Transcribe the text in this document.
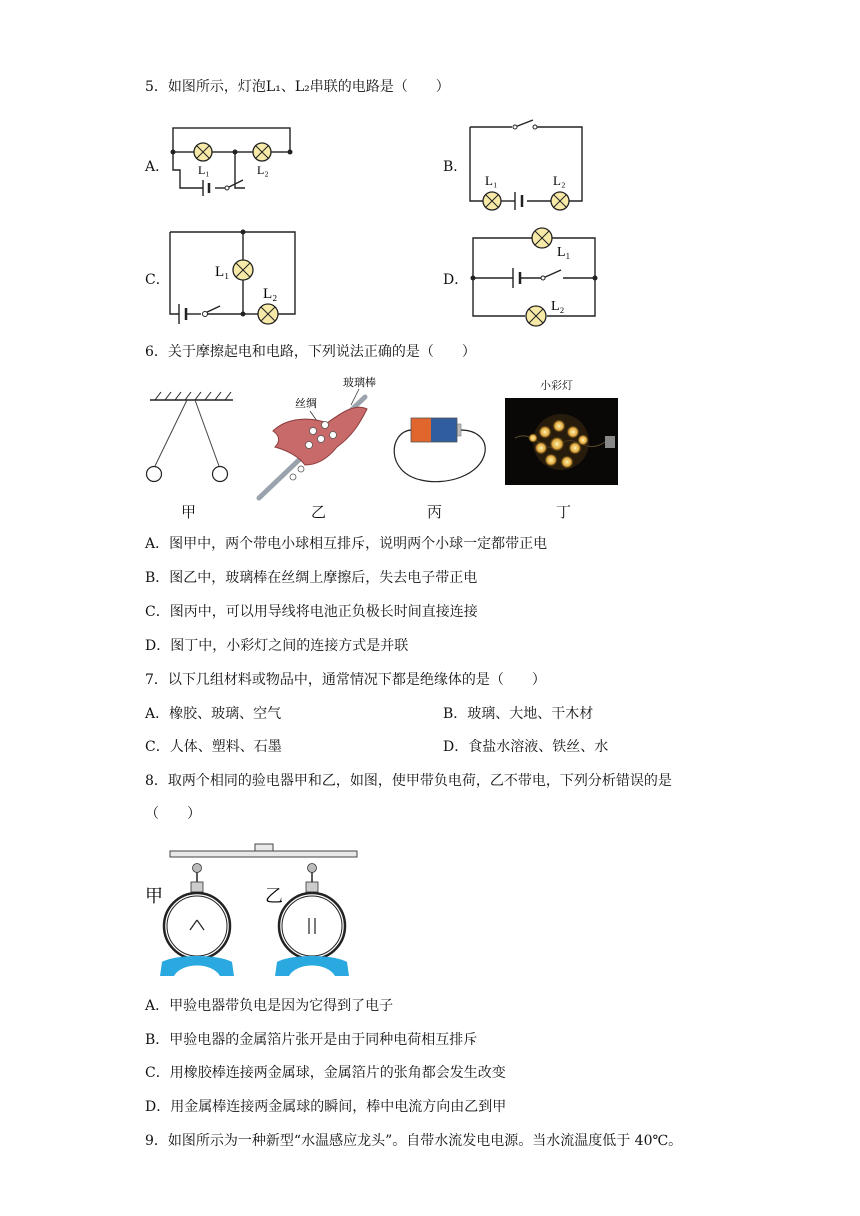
5．如图所示，灯泡L₁、L₂串联的电路是（　　）
A． L₁	L₂	B．
L₁	L₂
C．	L₁
L₂
D．
L₁
L₂
6．关于摩擦起电和电路，下列说法正确的是（　　）
甲
玻璃棒
丝绸
乙	丙
小彩灯
丁
A．图甲中，两个带电小球相互排斥，说明两个小球一定都带正电
B．图乙中，玻璃棒在丝绸上摩擦后，失去电子带正电
C．图丙中，可以用导线将电池正负极长时间直接连接
D．图丁中，小彩灯之间的连接方式是并联
7．以下几组材料或物品中，通常情况下都是绝缘体的是（　　）
A．橡胶、玻璃、空气	B．玻璃、大地、干木材
C．人体、塑料、石墨	D．食盐水溶液、铁丝、水
8．取两个相同的验电器甲和乙，如图，使甲带负电荷，乙不带电，下列分析错误的是
（　　）
甲	乙
A．甲验电器带负电是因为它得到了电子
B．甲验电器的金属箔片张开是由于同种电荷相互排斥
C．用橡胶棒连接两金属球，金属箔片的张角都会发生改变
D．用金属棒连接两金属球的瞬间，棒中电流方向由乙到甲
9．如图所示为一种新型“水温感应龙头”。自带水流发电电源。当水流温度低于 40℃。
